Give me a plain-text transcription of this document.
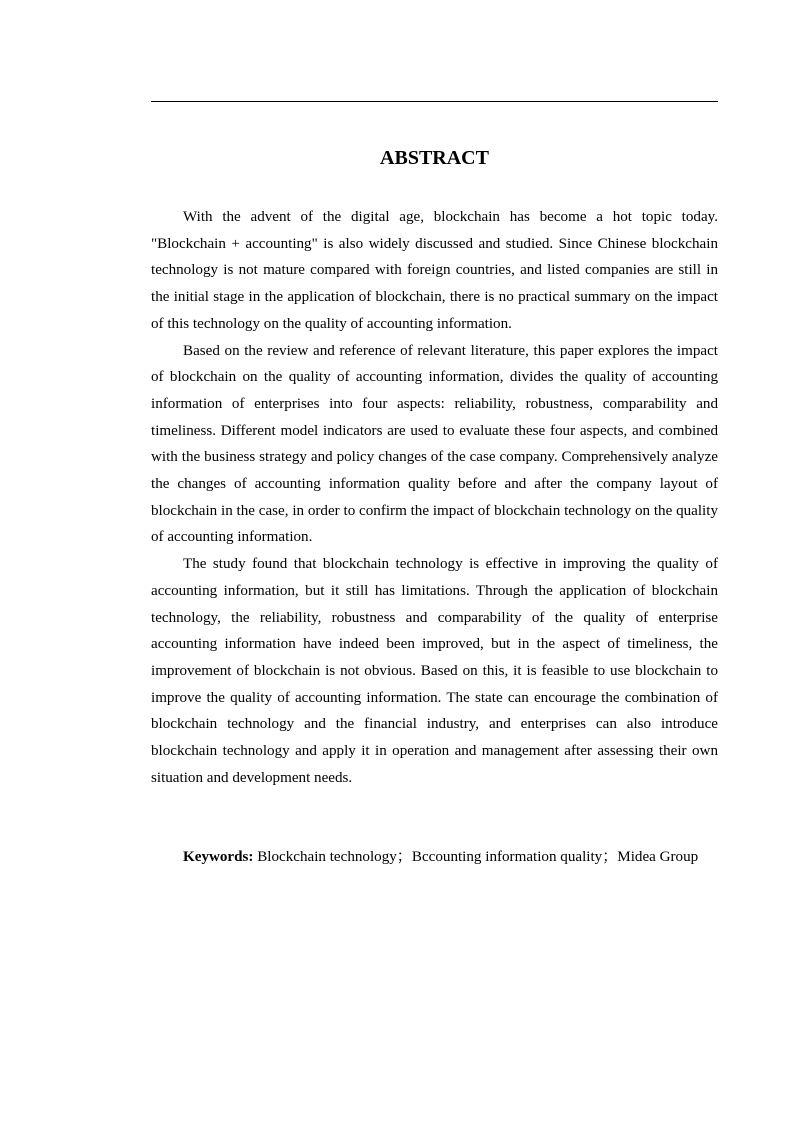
ABSTRACT

With the advent of the digital age, blockchain has become a hot topic today. "Blockchain + accounting" is also widely discussed and studied. Since Chinese blockchain technology is not mature compared with foreign countries, and listed companies are still in the initial stage in the application of blockchain, there is no practical summary on the impact of this technology on the quality of accounting information.

Based on the review and reference of relevant literature, this paper explores the impact of blockchain on the quality of accounting information, divides the quality of accounting information of enterprises into four aspects: reliability, robustness, comparability and timeliness. Different model indicators are used to evaluate these four aspects, and combined with the business strategy and policy changes of the case company. Comprehensively analyze the changes of accounting information quality before and after the company layout of blockchain in the case, in order to confirm the impact of blockchain technology on the quality of accounting information.

The study found that blockchain technology is effective in improving the quality of accounting information, but it still has limitations. Through the application of blockchain technology, the reliability, robustness and comparability of the quality of enterprise accounting information have indeed been improved, but in the aspect of timeliness, the improvement of blockchain is not obvious. Based on this, it is feasible to use blockchain to improve the quality of accounting information. The state can encourage the combination of blockchain technology and the financial industry, and enterprises can also introduce blockchain technology and apply it in operation and management after assessing their own situation and development needs.

Keywords: Blockchain technology；Bccounting information quality；Midea Group
